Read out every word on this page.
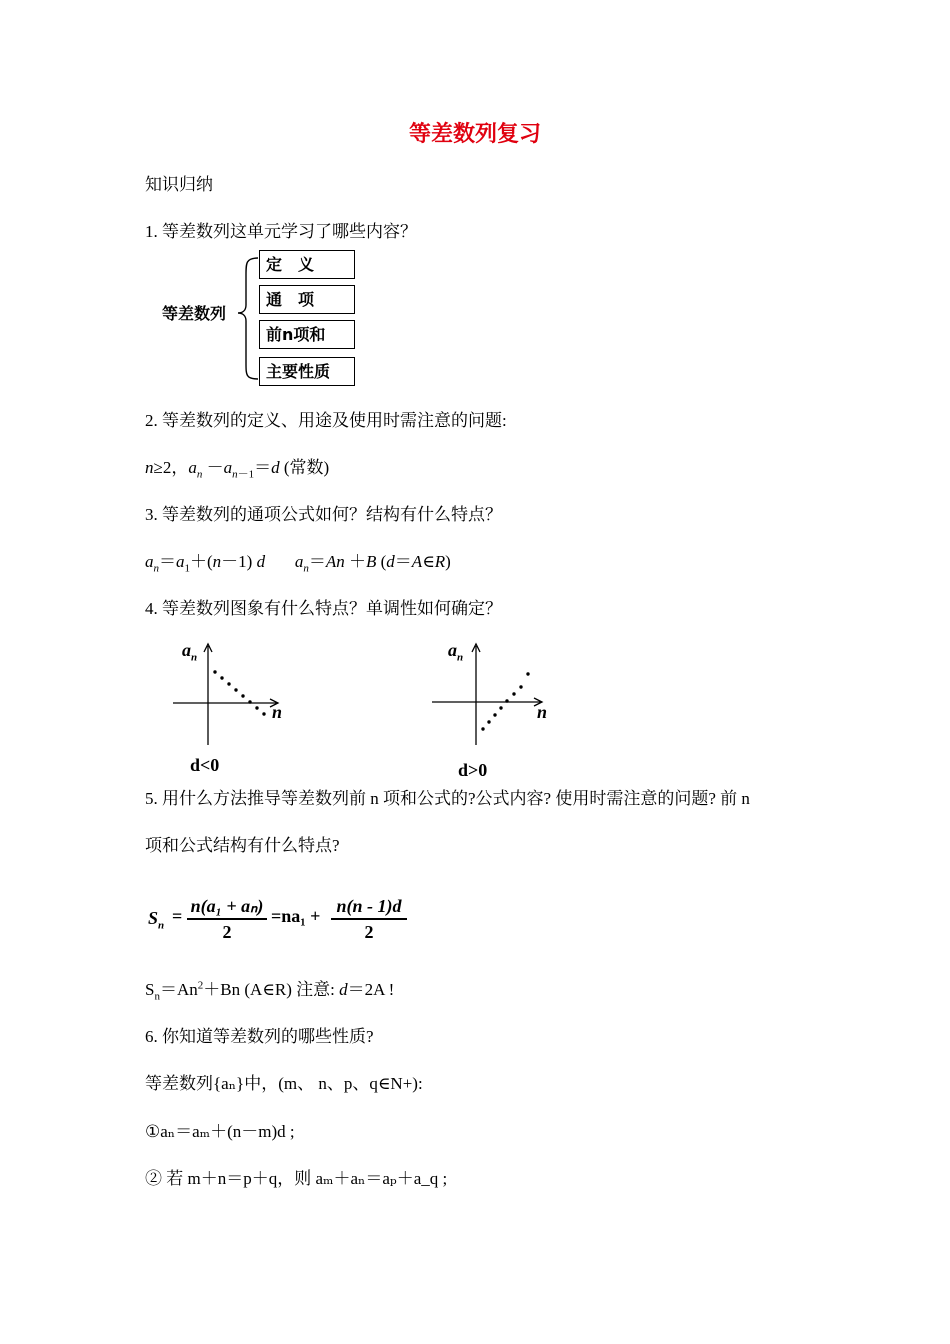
等差数列复习
知识归纳
1. 等差数列这单元学习了哪些内容？
等差数列
定　义
通　项
前n项和
主要性质
2. 等差数列的定义、用途及使用时需注意的问题:
n≥2，$a_n -a_{n-1}=d$ (常数)
3. 等差数列的通项公式如何？结构有什么特点？
$a_n=a_1+(n-1)$ d $a_n=An +B$ (d＝A∈R)
4. 等差数列图象有什么特点？单调性如何确定？
$a_n$
n
d<0
$a_n$
n
d>0
5. 用什么方法推导等差数列前 n 项和公式的?公式内容? 使用时需注意的问题? 前 n
项和公式结构有什么特点?
$S_n = n(a_1 + a_n)$
2
=na₁ + n(n - 1)d
2
$S_n=An^2+Bn$ (A∈R) 注意: d＝2A !
6. 你知道等差数列的哪些性质?
等差数列{aₙ}中，(m、 n、p、q∈N+):
①aₙ＝aₘ＋(n－m)d ;
② 若 m＋n＝p＋q，则 aₘ＋aₙ＝aₚ＋a_q ;
